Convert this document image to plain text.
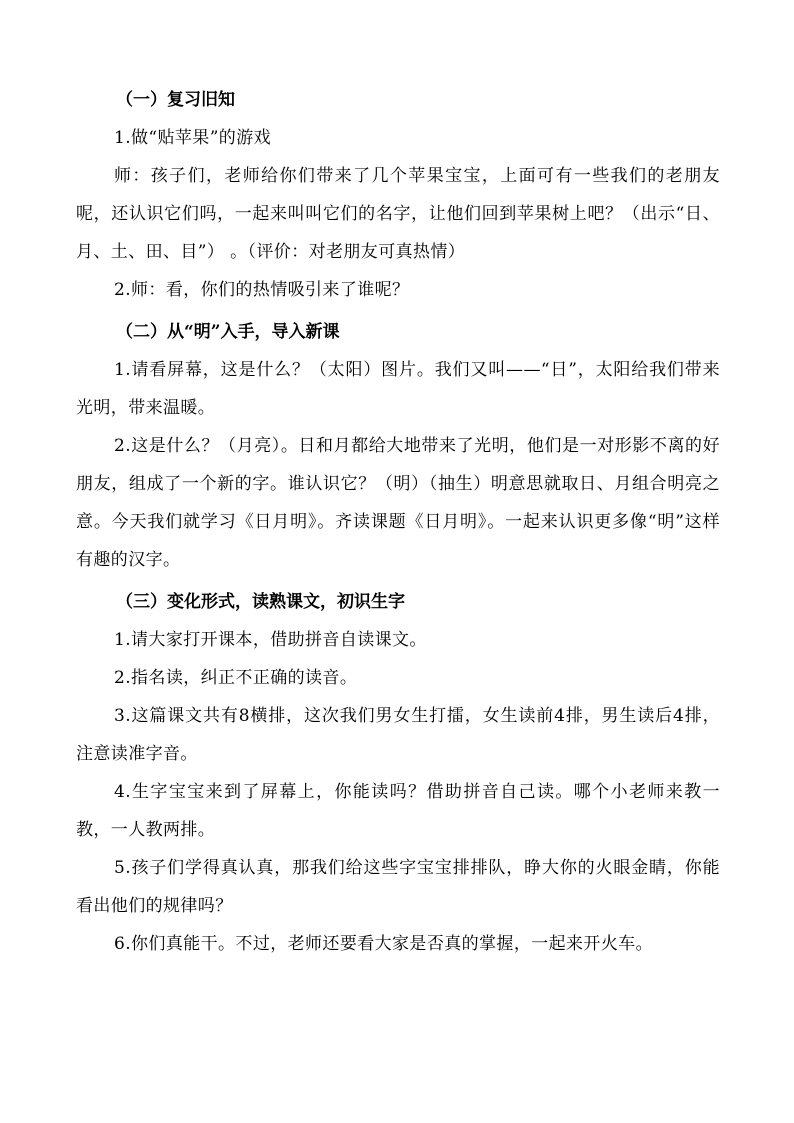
（一）复习旧知

1.做“贴苹果”的游戏

师：孩子们，老师给你们带来了几个苹果宝宝，上面可有一些我们的老朋友呢，还认识它们吗，一起来叫叫它们的名字，让他们回到苹果树上吧？（出示“日、月、土、田、目”） 。（评价：对老朋友可真热情）

2.师：看，你们的热情吸引来了谁呢？

（二）从“明”入手，导入新课

1.请看屏幕，这是什么？（太阳）图片。我们又叫——“日”，太阳给我们带来光明，带来温暖。

2.这是什么？（月亮）。日和月都给大地带来了光明，他们是一对形影不离的好朋友，组成了一个新的字。谁认识它？（明）（抽生）明意思就取日、月组合明亮之意。今天我们就学习《日月明》。齐读课题《日月明》。一起来认识更多像“明”这样有趣的汉字。

（三）变化形式，读熟课文，初识生字

1.请大家打开课本，借助拼音自读课文。

2.指名读，纠正不正确的读音。

3.这篇课文共有8横排，这次我们男女生打擂，女生读前4排，男生读后4排，注意读准字音。

4.生字宝宝来到了屏幕上，你能读吗？借助拼音自己读。哪个小老师来教一教，一人教两排。

5.孩子们学得真认真，那我们给这些字宝宝排排队，睁大你的火眼金睛，你能看出他们的规律吗？

6.你们真能干。不过，老师还要看大家是否真的掌握，一起来开火车。
